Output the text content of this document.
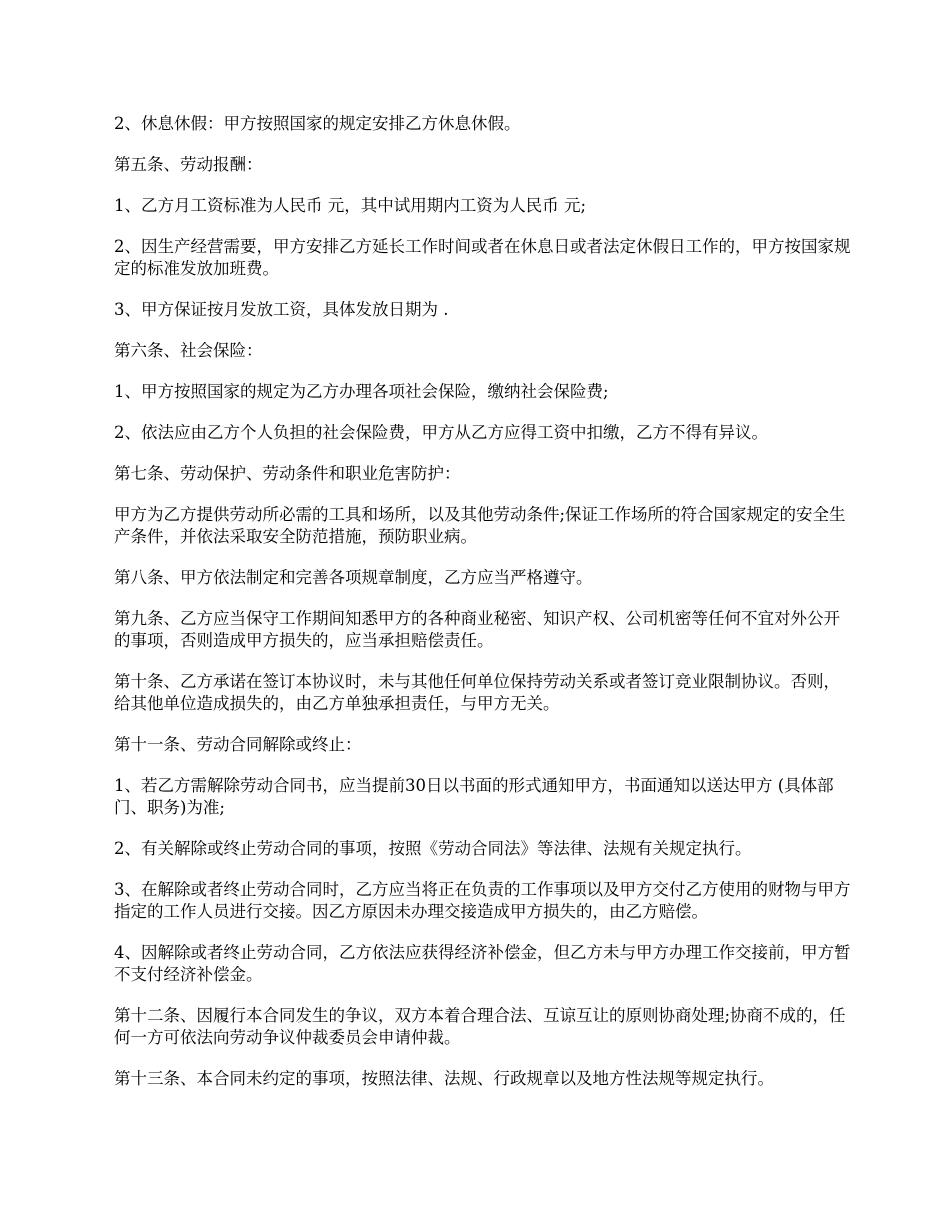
2、休息休假：甲方按照国家的规定安排乙方休息休假。

第五条、劳动报酬：

1、乙方月工资标准为人民币 元，其中试用期内工资为人民币 元;

2、因生产经营需要，甲方安排乙方延长工作时间或者在休息日或者法定休假日工作的，甲方按国家规定的标准发放加班费。

3、甲方保证按月发放工资，具体发放日期为 .

第六条、社会保险：

1、甲方按照国家的规定为乙方办理各项社会保险，缴纳社会保险费;

2、依法应由乙方个人负担的社会保险费，甲方从乙方应得工资中扣缴，乙方不得有异议。

第七条、劳动保护、劳动条件和职业危害防护：

甲方为乙方提供劳动所必需的工具和场所，以及其他劳动条件;保证工作场所的符合国家规定的安全生产条件，并依法采取安全防范措施，预防职业病。

第八条、甲方依法制定和完善各项规章制度，乙方应当严格遵守。

第九条、乙方应当保守工作期间知悉甲方的各种商业秘密、知识产权、公司机密等任何不宜对外公开的事项，否则造成甲方损失的，应当承担赔偿责任。

第十条、乙方承诺在签订本协议时，未与其他任何单位保持劳动关系或者签订竞业限制协议。否则，给其他单位造成损失的，由乙方单独承担责任，与甲方无关。

第十一条、劳动合同解除或终止：

1、若乙方需解除劳动合同书，应当提前30日以书面的形式通知甲方，书面通知以送达甲方 (具体部门、职务)为准;

2、有关解除或终止劳动合同的事项，按照《劳动合同法》等法律、法规有关规定执行。

3、在解除或者终止劳动合同时，乙方应当将正在负责的工作事项以及甲方交付乙方使用的财物与甲方指定的工作人员进行交接。因乙方原因未办理交接造成甲方损失的，由乙方赔偿。

4、因解除或者终止劳动合同，乙方依法应获得经济补偿金，但乙方未与甲方办理工作交接前，甲方暂不支付经济补偿金。

第十二条、因履行本合同发生的争议，双方本着合理合法、互谅互让的原则协商处理;协商不成的，任何一方可依法向劳动争议仲裁委员会申请仲裁。

第十三条、本合同未约定的事项，按照法律、法规、行政规章以及地方性法规等规定执行。
